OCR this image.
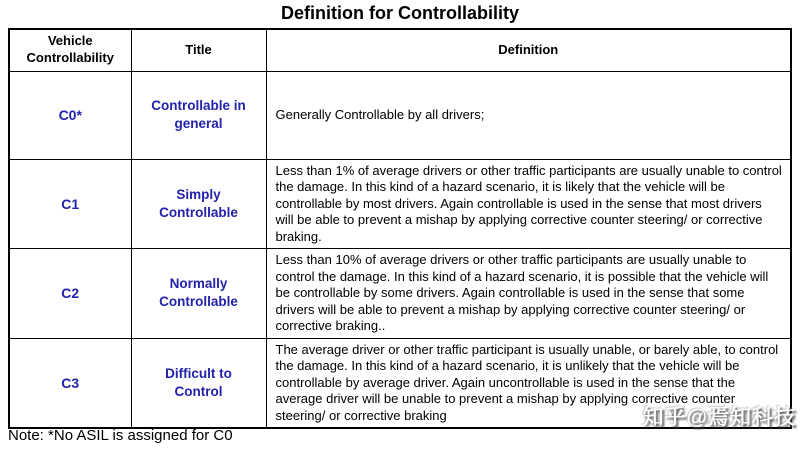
Definition for Controllability
Vehicle Controllability	Title	Definition
C0*	Controllable in general	Generally Controllable by all drivers;
C1	Simply Controllable	Less than 1% of average drivers or other traffic participants are usually unable to control the damage. In this kind of a hazard scenario, it is likely that the vehicle will be controllable by most drivers. Again controllable is used in the sense that most drivers will be able to prevent a mishap by applying corrective counter steering/ or corrective braking.
C2	Normally Controllable	Less than 10% of average drivers or other traffic participants are usually unable to control the damage. In this kind of a hazard scenario, it is possible that the vehicle will be controllable by some drivers. Again controllable is used in the sense that some drivers will be able to prevent a mishap by applying corrective counter steering/ or corrective braking..
C3	Difficult to Control	The average driver or other traffic participant is usually unable, or barely able, to control the damage. In this kind of a hazard scenario, it is unlikely that the vehicle will be controllable by average driver. Again uncontrollable is used in the sense that the average driver will be unable to prevent a mishap by applying corrective counter steering/ or corrective braking
Note: *No ASIL is assigned for C0
知乎@焉知科技
